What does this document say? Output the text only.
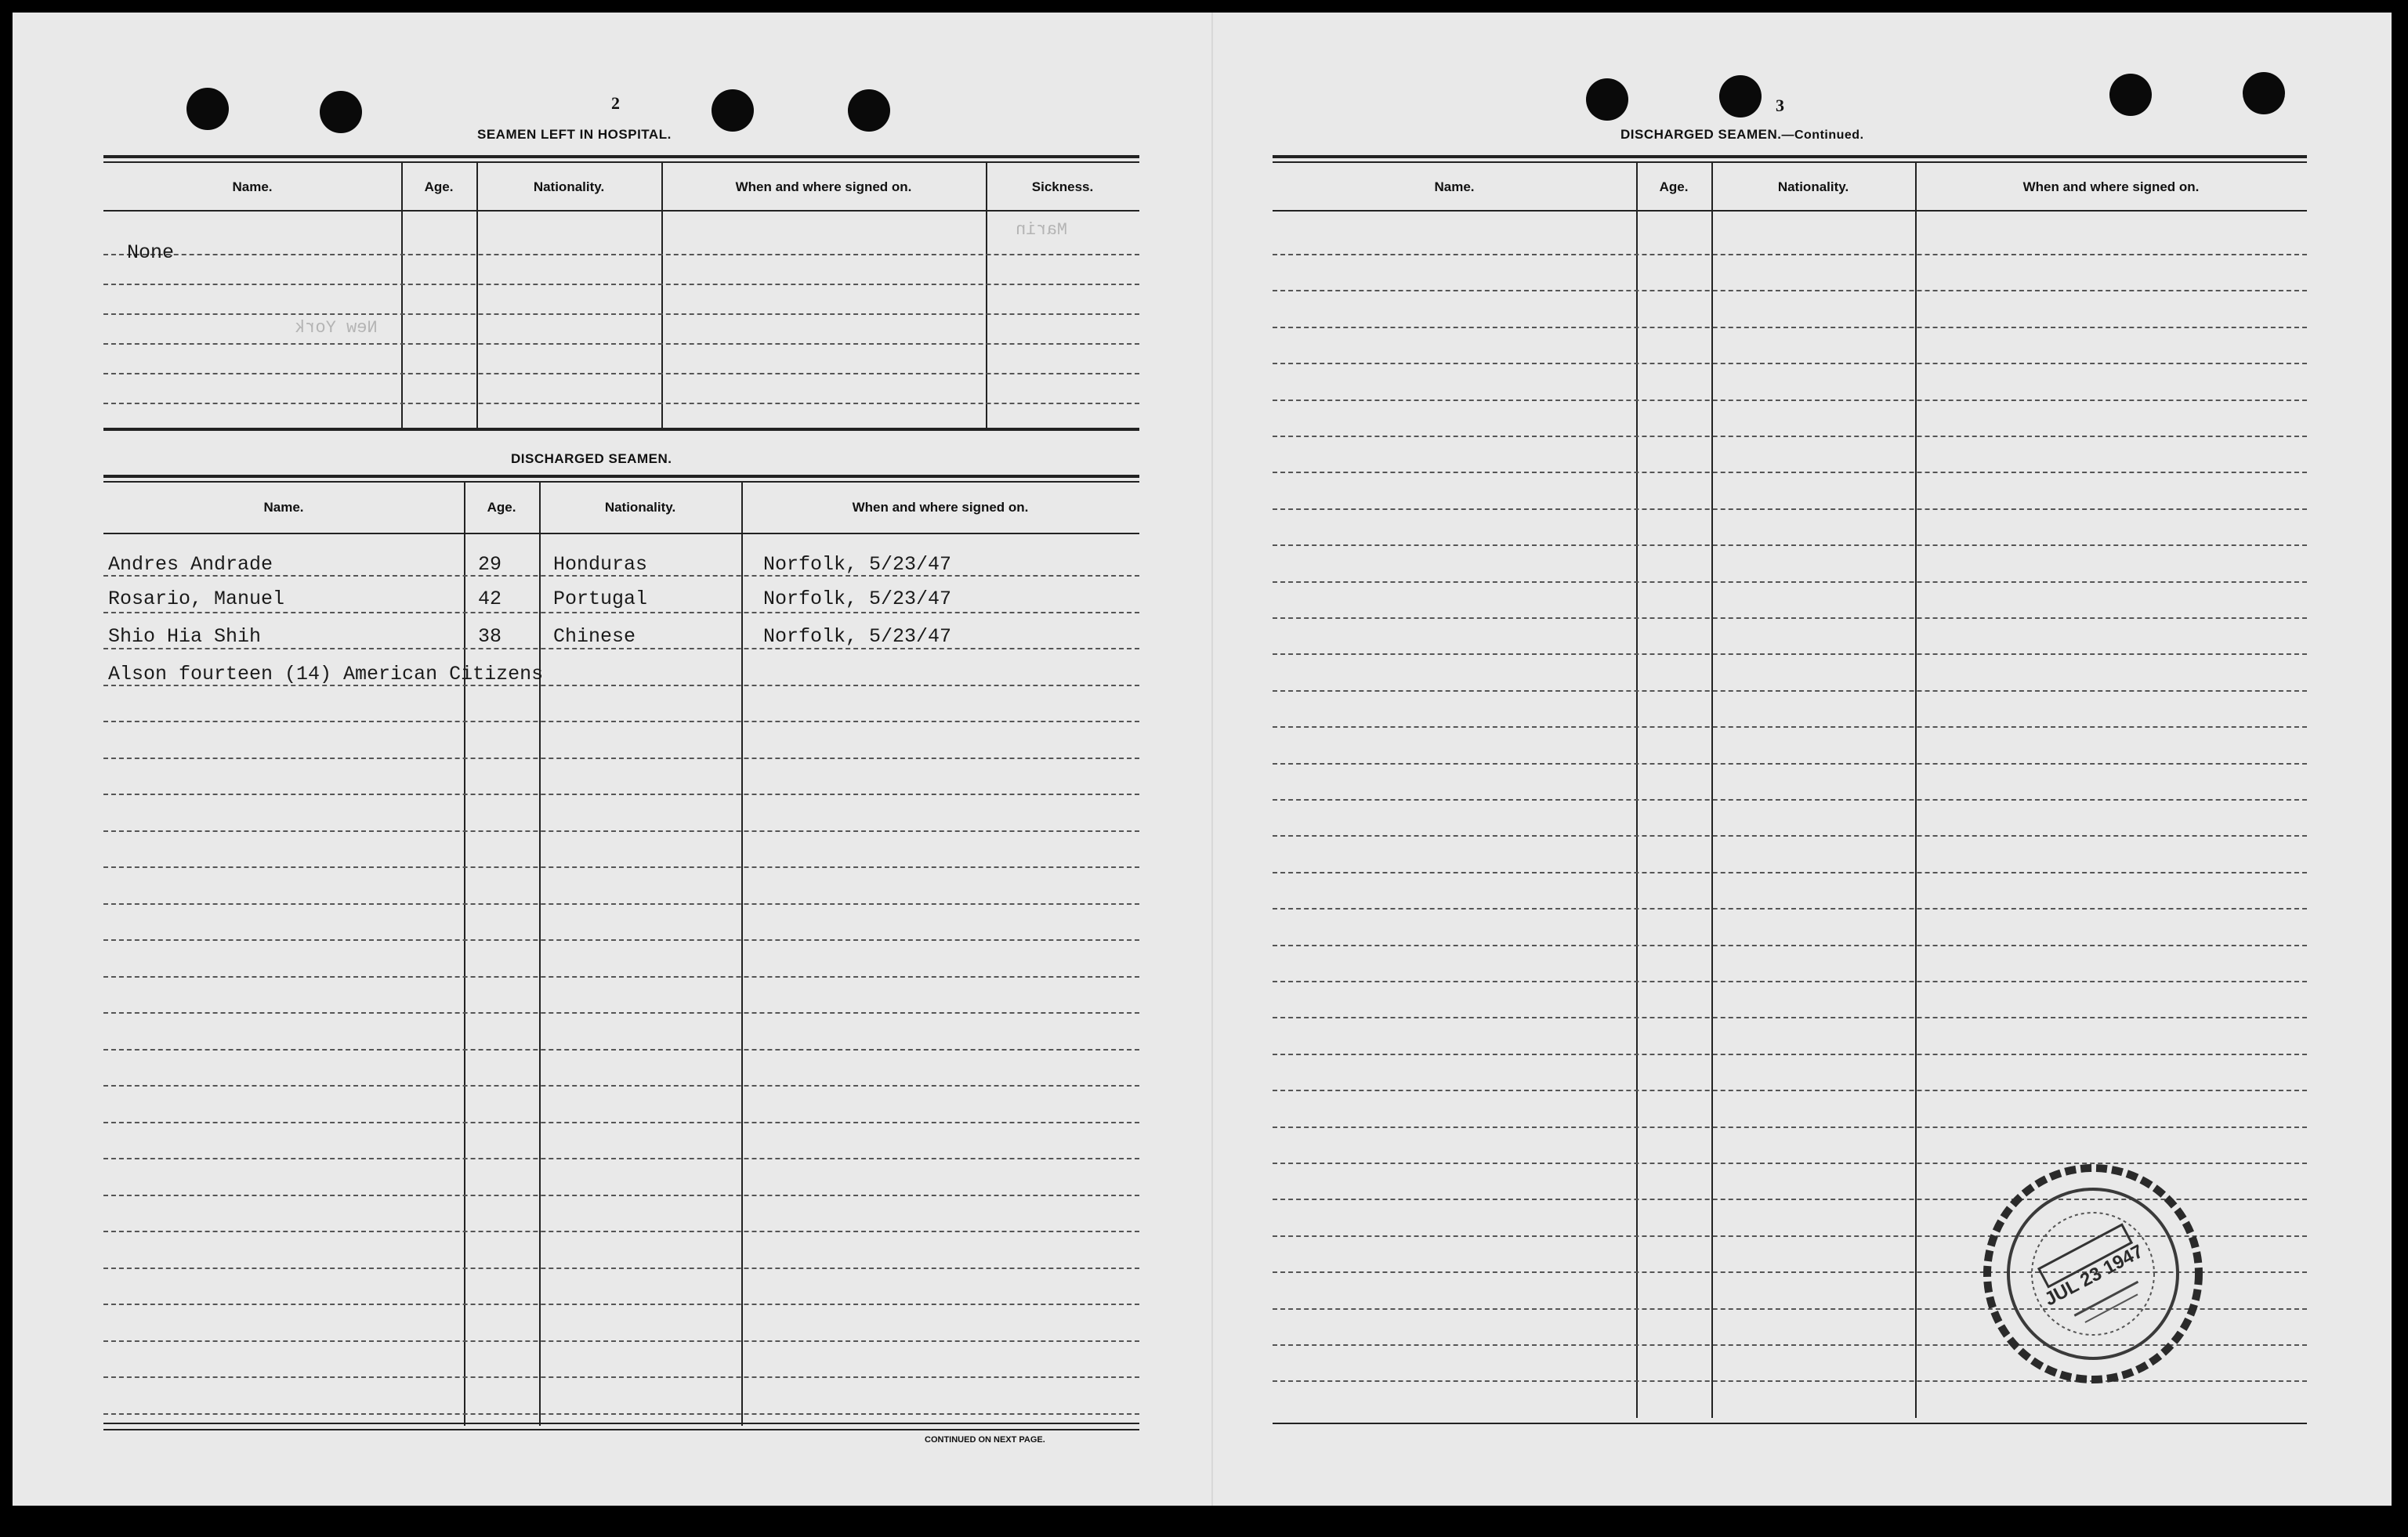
Marin
New York
2
SEAMEN LEFT IN HOSPITAL.
Name.	Age.	Nationality.	When and where signed on.	Sickness.
None
DISCHARGED SEAMEN.
Name.	Age.	Nationality.	When and where signed on.
Andres Andrade	29	Honduras	Norfolk, 5/23/47
Rosario, Manuel	42	Portugal	Norfolk, 5/23/47
Shio Hia Shih	38	Chinese	Norfolk, 5/23/47
Alson fourteen (14) American Citizens
CONTINUED ON NEXT PAGE.
3
DISCHARGED SEAMEN.—Continued.
Name.	Age.	Nationality.	When and where signed on.
JUL 23 1947
